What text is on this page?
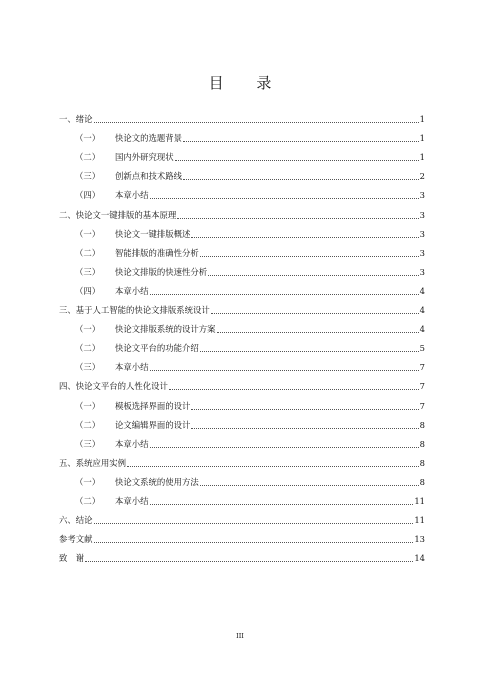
目 录
一、 绪论	1
（一）	快论文的选题背景	1
（二）	国内外研究现状	1
（三）	创新点和技术路线	2
（四）	本章小结	3
二、 快论文一键排版的基本原理	3
（一）	快论文一键排版概述	3
（二）	智能排版的准确性分析	3
（三）	快论文排版的快速性分析	3
（四）	本章小结	4
三、 基于人工智能的快论文排版系统设计	4
（一）	快论文排版系统的设计方案	4
（二）	快论文平台的功能介绍	5
（三）	本章小结	7
四、 快论文平台的人性化设计	7
（一）	模板选择界面的设计	7
（二）	论文编辑界面的设计	8
（三）	本章小结	8
五、 系统应用实例	8
（一）	快论文系统的使用方法	8
（二）	本章小结	11
六、 结论	11
参考文献	13
致　谢	14
III
